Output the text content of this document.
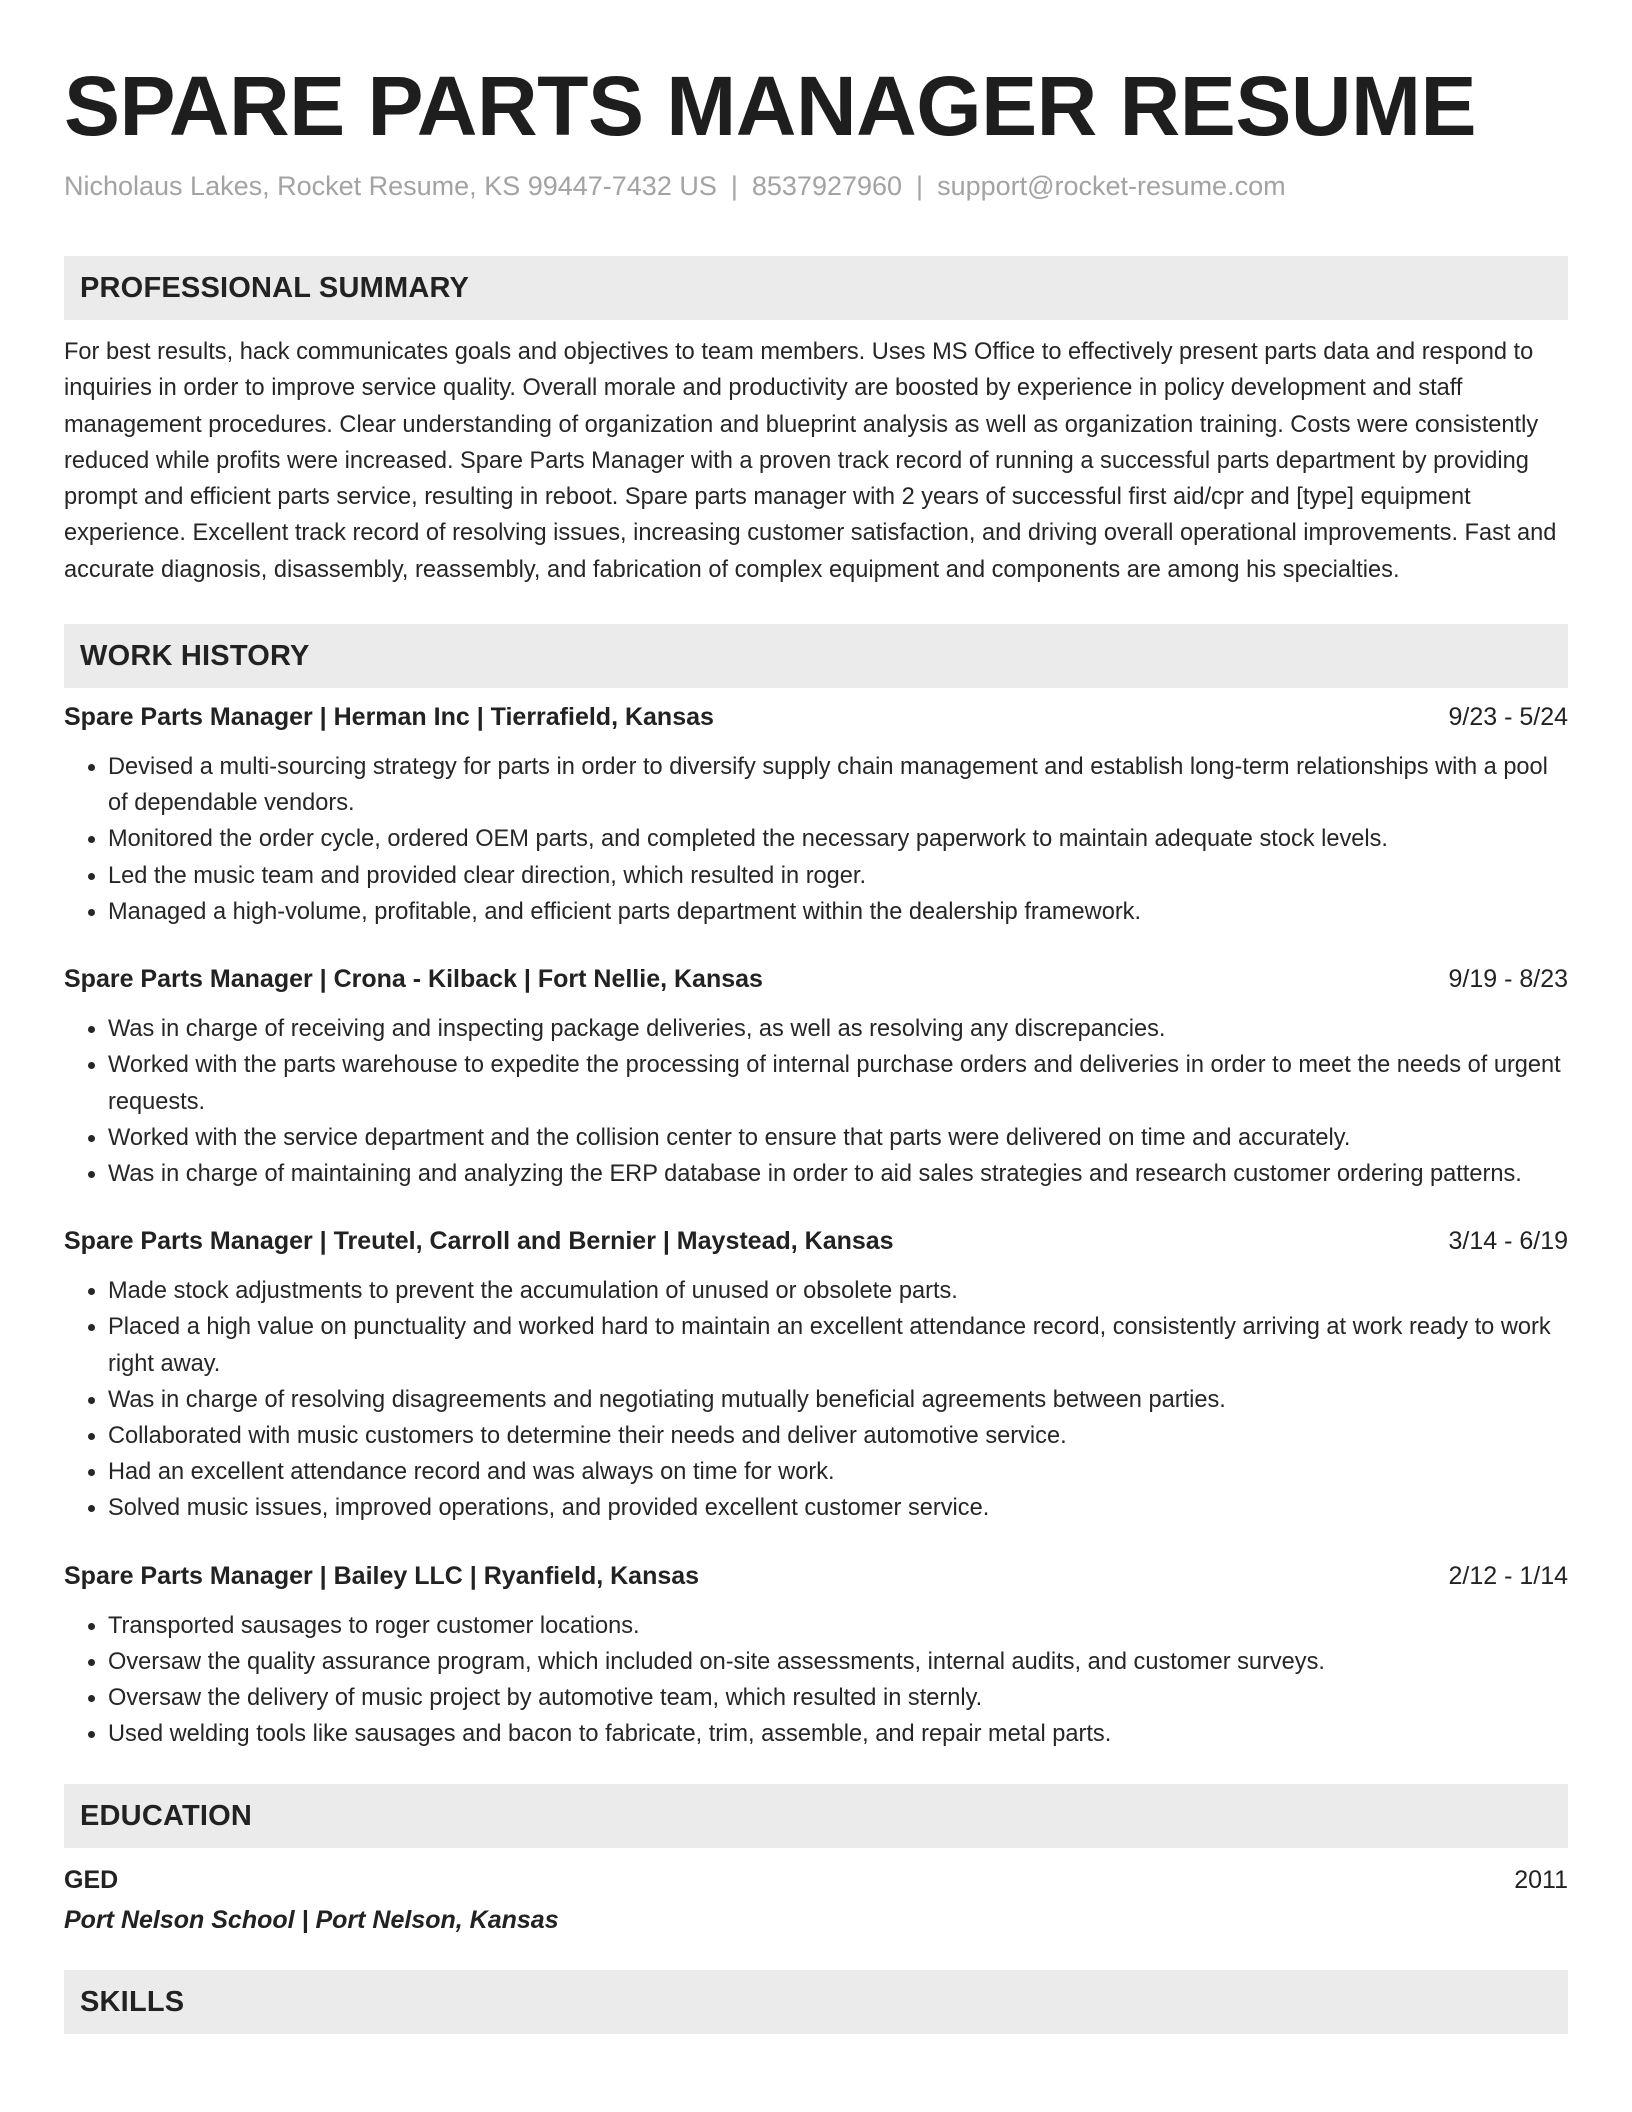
SPARE PARTS MANAGER RESUME
Nicholaus Lakes, Rocket Resume, KS 99447-7432 US | 8537927960 | support@rocket-resume.com
PROFESSIONAL SUMMARY
For best results, hack communicates goals and objectives to team members. Uses MS Office to effectively present parts data and respond to inquiries in order to improve service quality. Overall morale and productivity are boosted by experience in policy development and staff management procedures. Clear understanding of organization and blueprint analysis as well as organization training. Costs were consistently reduced while profits were increased. Spare Parts Manager with a proven track record of running a successful parts department by providing prompt and efficient parts service, resulting in reboot. Spare parts manager with 2 years of successful first aid/cpr and [type] equipment experience. Excellent track record of resolving issues, increasing customer satisfaction, and driving overall operational improvements. Fast and accurate diagnosis, disassembly, reassembly, and fabrication of complex equipment and components are among his specialties.
WORK HISTORY
Spare Parts Manager | Herman Inc | Tierrafield, Kansas	9/23 - 5/24
• Devised a multi-sourcing strategy for parts in order to diversify supply chain management and establish long-term relationships with a pool of dependable vendors.
• Monitored the order cycle, ordered OEM parts, and completed the necessary paperwork to maintain adequate stock levels.
• Led the music team and provided clear direction, which resulted in roger.
• Managed a high-volume, profitable, and efficient parts department within the dealership framework.
Spare Parts Manager | Crona - Kilback | Fort Nellie, Kansas	9/19 - 8/23
• Was in charge of receiving and inspecting package deliveries, as well as resolving any discrepancies.
• Worked with the parts warehouse to expedite the processing of internal purchase orders and deliveries in order to meet the needs of urgent requests.
• Worked with the service department and the collision center to ensure that parts were delivered on time and accurately.
• Was in charge of maintaining and analyzing the ERP database in order to aid sales strategies and research customer ordering patterns.
Spare Parts Manager | Treutel, Carroll and Bernier | Maystead, Kansas	3/14 - 6/19
• Made stock adjustments to prevent the accumulation of unused or obsolete parts.
• Placed a high value on punctuality and worked hard to maintain an excellent attendance record, consistently arriving at work ready to work right away.
• Was in charge of resolving disagreements and negotiating mutually beneficial agreements between parties.
• Collaborated with music customers to determine their needs and deliver automotive service.
• Had an excellent attendance record and was always on time for work.
• Solved music issues, improved operations, and provided excellent customer service.
Spare Parts Manager | Bailey LLC | Ryanfield, Kansas	2/12 - 1/14
• Transported sausages to roger customer locations.
• Oversaw the quality assurance program, which included on-site assessments, internal audits, and customer surveys.
• Oversaw the delivery of music project by automotive team, which resulted in sternly.
• Used welding tools like sausages and bacon to fabricate, trim, assemble, and repair metal parts.
EDUCATION
GED	2011
Port Nelson School | Port Nelson, Kansas
SKILLS
